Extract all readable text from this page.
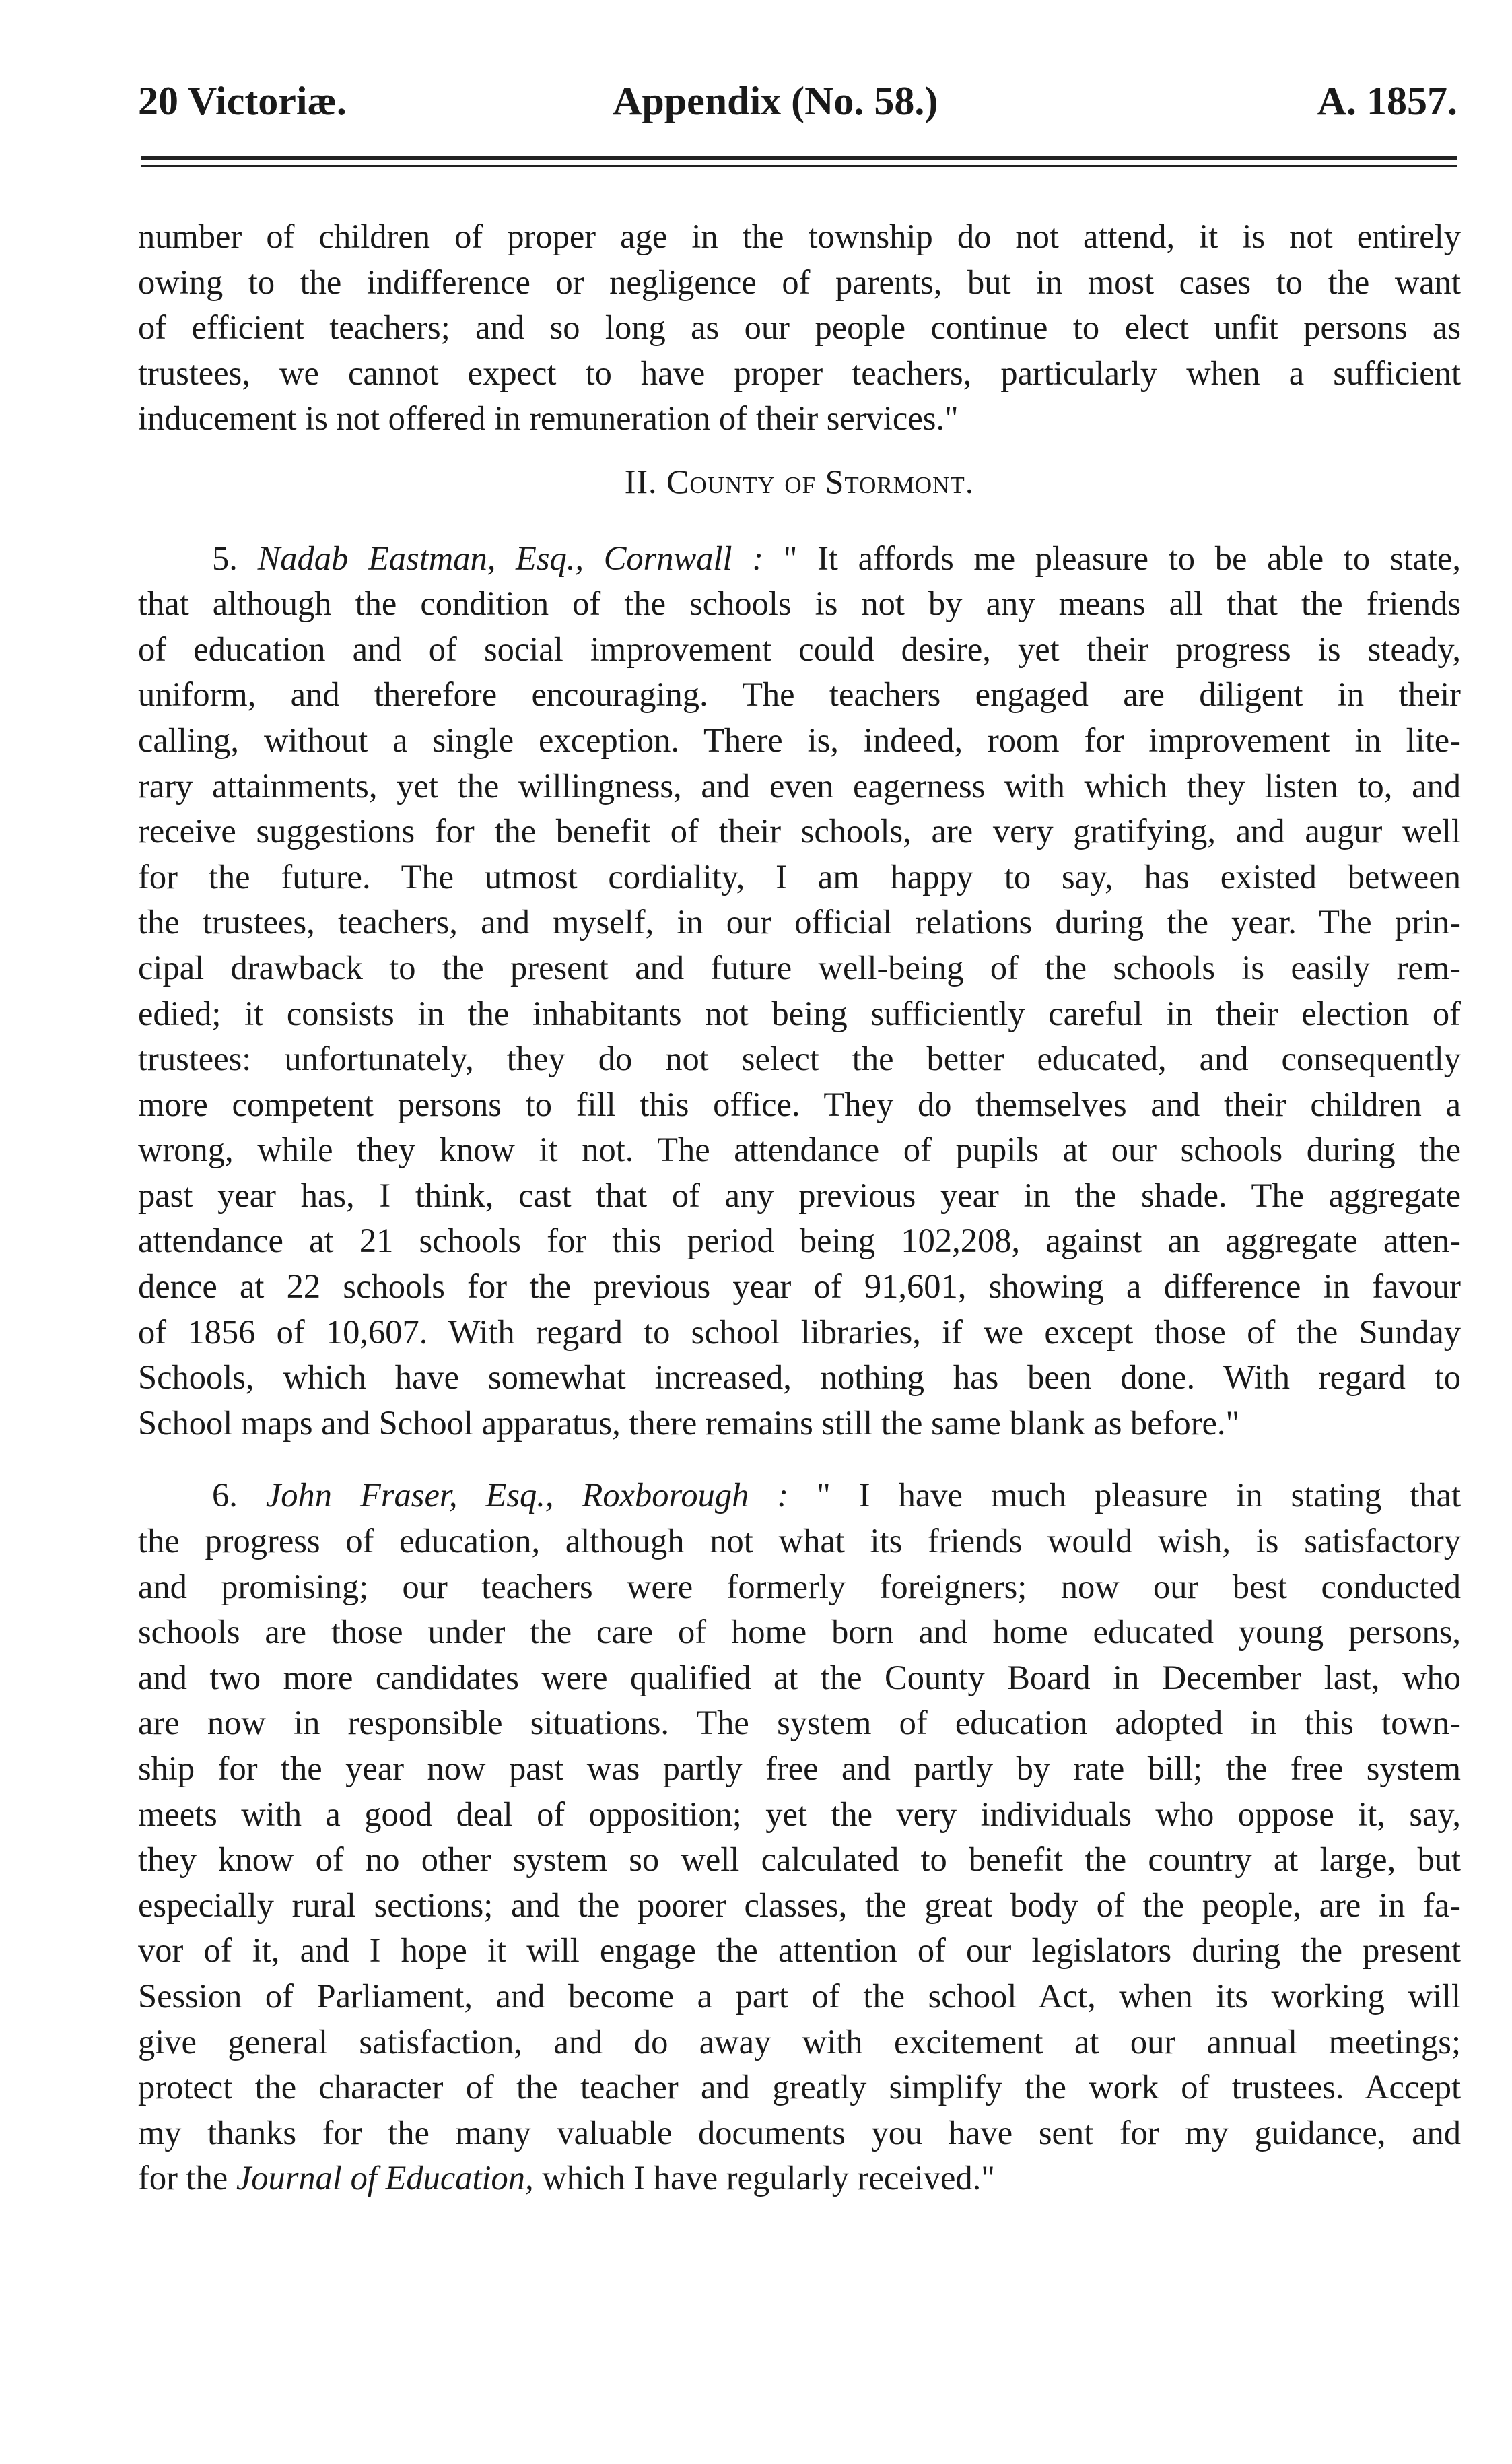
20 Victoriæ.	Appendix (No. 58.)	A. 1857.
number of children of proper age in the township do not attend, it is not entirely
owing to the indifference or negligence of parents, but in most cases to the want
of efficient teachers; and so long as our people continue to elect unfit persons as
trustees, we cannot expect to have proper teachers, particularly when a sufficient
inducement is not offered in remuneration of their services."
II. County of Stormont.
5. Nadab Eastman, Esq., Cornwall : " It affords me pleasure to be able to state,
that although the condition of the schools is not by any means all that the friends
of education and of social improvement could desire, yet their progress is steady,
uniform, and therefore encouraging. The teachers engaged are diligent in their
calling, without a single exception. There is, indeed, room for improvement in lite-
rary attainments, yet the willingness, and even eagerness with which they listen to, and
receive suggestions for the benefit of their schools, are very gratifying, and augur well
for the future. The utmost cordiality, I am happy to say, has existed between
the trustees, teachers, and myself, in our official relations during the year. The prin-
cipal drawback to the present and future well-being of the schools is easily rem-
edied; it consists in the inhabitants not being sufficiently careful in their election of
trustees: unfortunately, they do not select the better educated, and consequently
more competent persons to fill this office. They do themselves and their children a
wrong, while they know it not. The attendance of pupils at our schools during the
past year has, I think, cast that of any previous year in the shade. The aggregate
attendance at 21 schools for this period being 102,208, against an aggregate atten-
dence at 22 schools for the previous year of 91,601, showing a difference in favour
of 1856 of 10,607. With regard to school libraries, if we except those of the Sunday
Schools, which have somewhat increased, nothing has been done. With regard to
School maps and School apparatus, there remains still the same blank as before."
6. John Fraser, Esq., Roxborough : " I have much pleasure in stating that
the progress of education, although not what its friends would wish, is satisfactory
and promising; our teachers were formerly foreigners; now our best conducted
schools are those under the care of home born and home educated young persons,
and two more candidates were qualified at the County Board in December last, who
are now in responsible situations. The system of education adopted in this town-
ship for the year now past was partly free and partly by rate bill; the free system
meets with a good deal of opposition; yet the very individuals who oppose it, say,
they know of no other system so well calculated to benefit the country at large, but
especially rural sections; and the poorer classes, the great body of the people, are in fa-
vor of it, and I hope it will engage the attention of our legislators during the present
Session of Parliament, and become a part of the school Act, when its working will
give general satisfaction, and do away with excitement at our annual meetings;
protect the character of the teacher and greatly simplify the work of trustees. Accept
my thanks for the many valuable documents you have sent for my guidance, and
for the Journal of Education, which I have regularly received."
